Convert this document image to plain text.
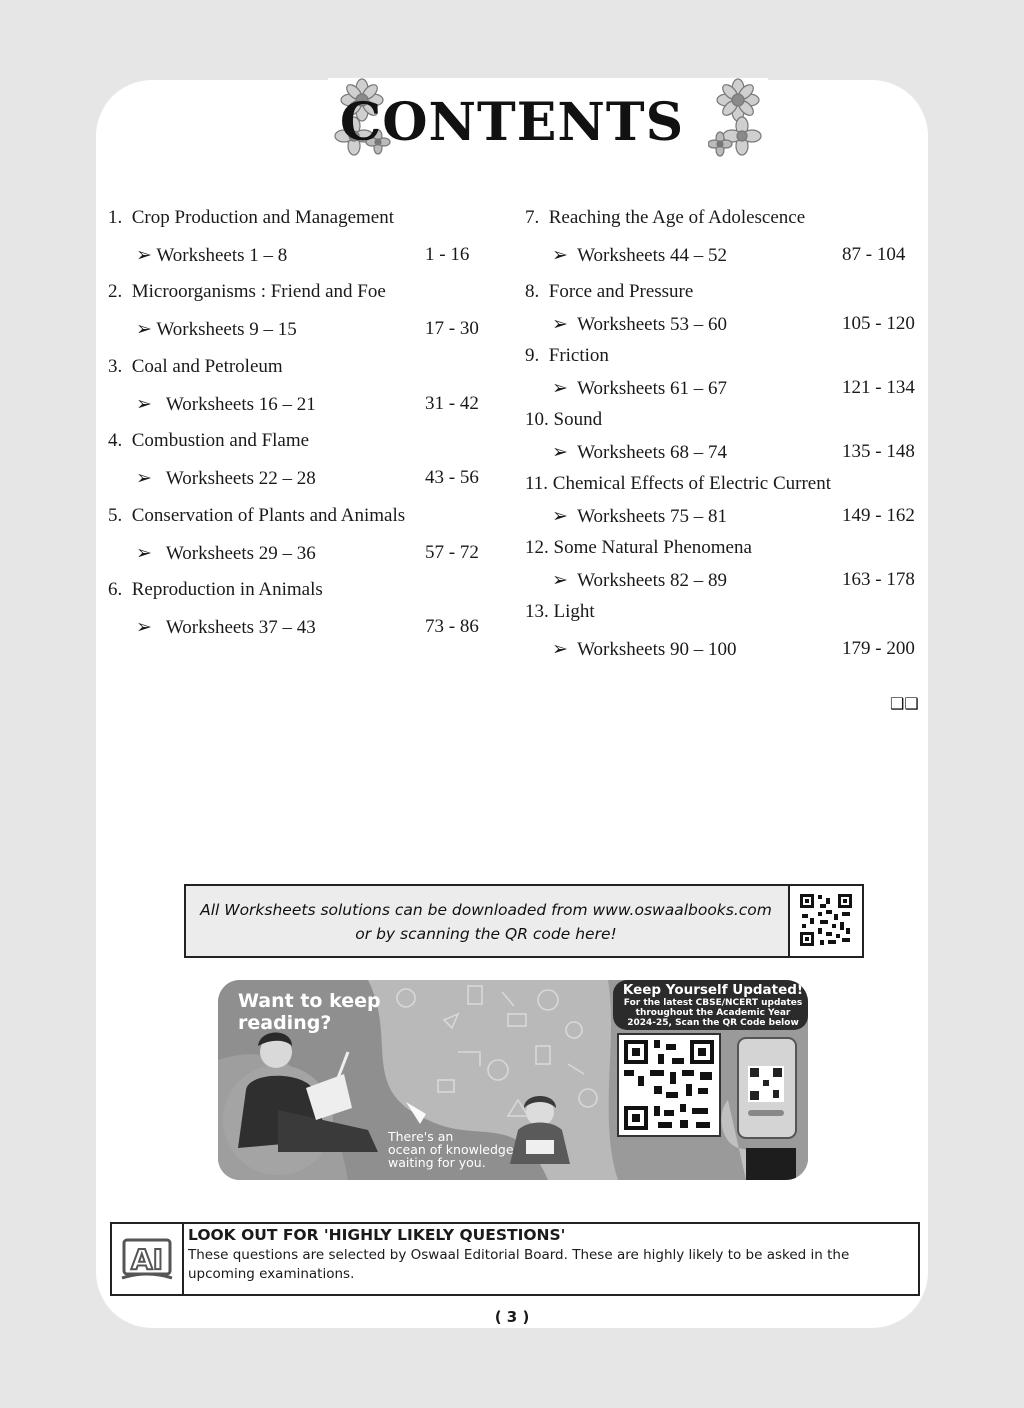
CONTENTS
1. Crop Production and Management
➢ Worksheets 1 – 8	1 - 16
2. Microorganisms : Friend and Foe
➢ Worksheets 9 – 15	17 - 30
3. Coal and Petroleum
➢ Worksheets 16 – 21	31 - 42
4. Combustion and Flame
➢ Worksheets 22 – 28	43 - 56
5. Conservation of Plants and Animals
➢ Worksheets 29 – 36	57 - 72
6. Reproduction in Animals
➢ Worksheets 37 – 43	73 - 86
7. Reaching the Age of Adolescence
➢ Worksheets 44 – 52	87 - 104
8. Force and Pressure
➢ Worksheets 53 – 60	105 - 120
9. Friction
➢ Worksheets 61 – 67	121 - 134
10. Sound
➢ Worksheets 68 – 74	135 - 148
11. Chemical Effects of Electric Current
➢ Worksheets 75 – 81	149 - 162
12. Some Natural Phenomena
➢ Worksheets 82 – 89	163 - 178
13. Light
➢ Worksheets 90 – 100	179 - 200
❑❑
All Worksheets solutions can be downloaded from www.oswaalbooks.com
or by scanning the QR code here!
Want to keep
reading?
There's an
ocean of knowledge
waiting for you.
Keep Yourself Updated!
For the latest CBSE/NCERT updates
throughout the Academic Year
2024-25, Scan the QR Code below
AI
LOOK OUT FOR 'HIGHLY LIKELY QUESTIONS'
These questions are selected by Oswaal Editorial Board. These are highly likely to be asked in the upcoming examinations.
( 3 )
